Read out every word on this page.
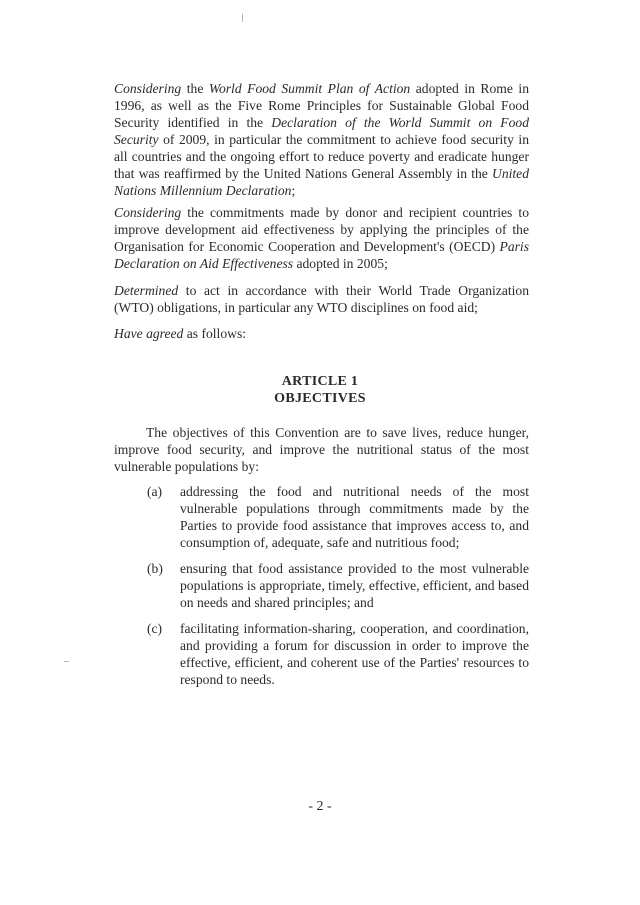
Considering the World Food Summit Plan of Action adopted in Rome in 1996, as well as the Five Rome Principles for Sustainable Global Food Security identified in the Declaration of the World Summit on Food Security of 2009, in particular the commitment to achieve food security in all countries and the ongoing effort to reduce poverty and eradicate hunger that was reaffirmed by the United Nations General Assembly in the United Nations Millennium Declaration;

Considering the commitments made by donor and recipient countries to improve development aid effectiveness by applying the principles of the Organisation for Economic Cooperation and Development's (OECD) Paris Declaration on Aid Effectiveness adopted in 2005;

Determined to act in accordance with their World Trade Organization (WTO) obligations, in particular any WTO disciplines on food aid;

Have agreed as follows:

ARTICLE 1
OBJECTIVES

The objectives of this Convention are to save lives, reduce hunger, improve food security, and improve the nutritional status of the most vulnerable populations by:

(a) addressing the food and nutritional needs of the most vulnerable populations through commitments made by the Parties to provide food assistance that improves access to, and consumption of, adequate, safe and nutritious food;

(b) ensuring that food assistance provided to the most vulnerable populations is appropriate, timely, effective, efficient, and based on needs and shared principles; and

(c) facilitating information-sharing, cooperation, and coordination, and providing a forum for discussion in order to improve the effective, efficient, and coherent use of the Parties' resources to respond to needs.

- 2 -
